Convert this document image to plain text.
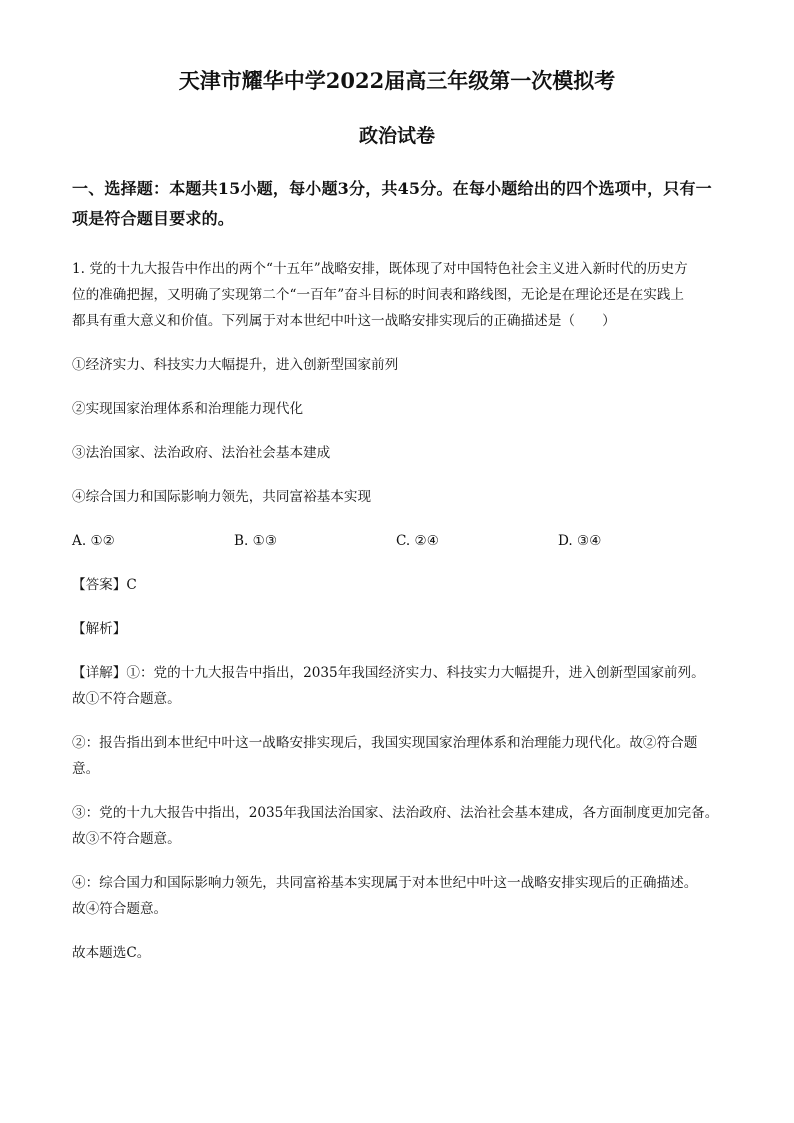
天津市耀华中学2022届高三年级第一次模拟考
政治试卷
一、选择题：本题共15小题，每小题3分，共45分。在每小题给出的四个选项中，只有一
项是符合题目要求的。
1. 党的十九大报告中作出的两个“十五年”战略安排，既体现了对中国特色社会主义进入新时代的历史方
位的准确把握，又明确了实现第二个“一百年”奋斗目标的时间表和路线图，无论是在理论还是在实践上
都具有重大意义和价值。下列属于对本世纪中叶这一战略安排实现后的正确描述是（　　）

①经济实力、科技实力大幅提升，进入创新型国家前列

②实现国家治理体系和治理能力现代化

③法治国家、法治政府、法治社会基本建成

④综合国力和国际影响力领先，共同富裕基本实现

A. ①②	B. ①③	C. ②④	D. ③④

【答案】C

【解析】

【详解】①：党的十九大报告中指出，2035年我国经济实力、科技实力大幅提升，进入创新型国家前列。
故①不符合题意。
②：报告指出到本世纪中叶这一战略安排实现后，我国实现国家治理体系和治理能力现代化。故②符合题
意。
③：党的十九大报告中指出，2035年我国法治国家、法治政府、法治社会基本建成，各方面制度更加完备。
故③不符合题意。
④：综合国力和国际影响力领先，共同富裕基本实现属于对本世纪中叶这一战略安排实现后的正确描述。
故④符合题意。

故本题选C。
